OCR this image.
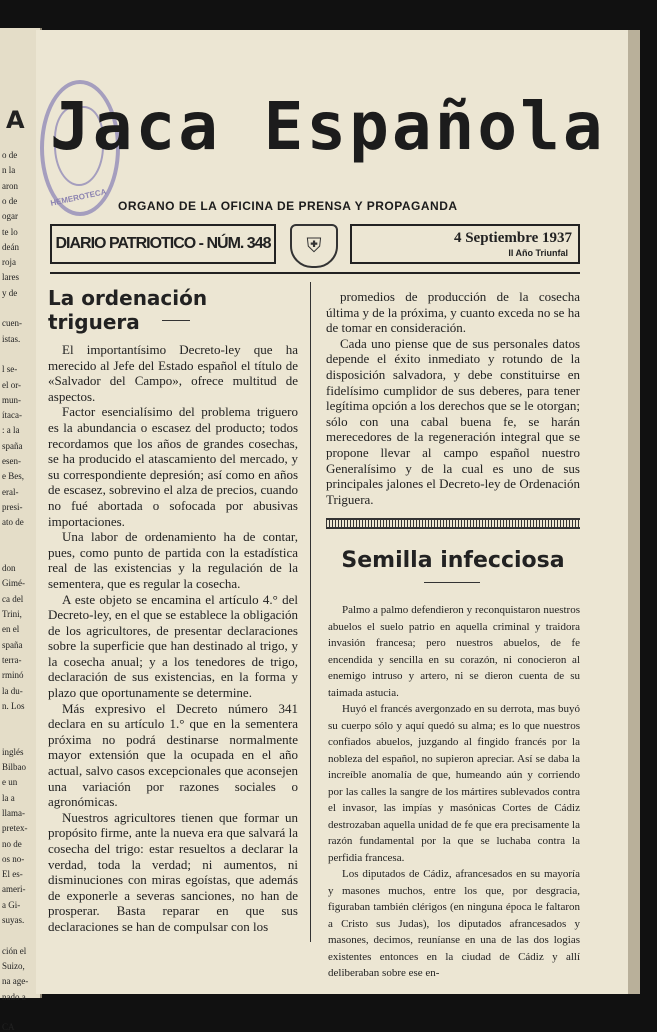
A
o de
n la
aron
o de
ogar
te lo
deán
roja
lares
y de
cuen-
istas.
l se-
el or-
mun-
ítaca-
: a la
spaña
esen-
e Bes,
eral-
presi-
ato de
don
Gimé-
ca del
Trini,
en el
spaña
terra-
rminó
la du-
n. Los
inglés
Bilbao
e un
la a
llama-
pretex-
no de
os no-
El es-
ameri-
a Gi-
suyas.
ción el
Suizo,
na age-
nado a
CA
HEMEROTECA
Jaca Española
ORGANO DE LA OFICINA DE PRENSA Y PROPAGANDA
DIARIO PATRIOTICO - NÚM. 348	⛨	4 Septiembre 1937
II Año Triunfal
La ordenación triguera

El importantísimo Decreto-ley que ha merecido al Jefe del Estado español el título de «Salvador del Campo», ofrece multitud de aspectos.

Factor esencialísimo del problema triguero es la abundancia o escasez del producto; todos recordamos que los años de grandes cosechas, se ha producido el atascamiento del mercado, y su correspondiente depresión; así como en años de escasez, sobrevino el alza de precios, cuando no fué abortada o sofocada por abusivas importaciones.

Una labor de ordenamiento ha de contar, pues, como punto de partida con la estadística real de las existencias y la regulación de la sementera, que es regular la cosecha.

A este objeto se encamina el artículo 4.° del Decreto-ley, en el que se establece la obligación de los agricultores, de presentar declaraciones sobre la superficie que han destinado al trigo, y la cosecha anual; y a los tenedores de trigo, declaración de sus existencias, en la forma y plazo que oportunamente se determine.

Más expresivo el Decreto número 341 declara en su artículo 1.° que en la sementera próxima no podrá destinarse normalmente mayor extensión que la ocupada en el año actual, salvo casos excepcionales que aconsejen una variación por razones sociales o agronómicas.

Nuestros agricultores tienen que formar un propósito firme, ante la nueva era que salvará la cosecha del trigo: estar resueltos a declarar la verdad, toda la verdad; ni aumentos, ni disminuciones con miras egoístas, que además de exponerle a severas sanciones, no han de prosperar. Basta reparar en que sus declaraciones se han de compulsar con los

promedios de producción de la cosecha última y de la próxima, y cuanto exceda no se ha de tomar en consideración.

Cada uno piense que de sus personales datos depende el éxito inmediato y rotundo de la disposición salvadora, y debe constituirse en fidelísimo cumplidor de sus deberes, para tener legítima opción a los derechos que se le otorgan; sólo con una cabal buena fe, se harán merecedores de la regeneración integral que se propone llevar al campo español nuestro Generalísimo y de la cual es uno de sus principales jalones el Decreto-ley de Ordenación Triguera.

Semilla infecciosa

Palmo a palmo defendieron y reconquistaron nuestros abuelos el suelo patrio en aquella criminal y traidora invasión francesa; pero nuestros abuelos, de fe encendida y sencilla en su corazón, ni conocieron al enemigo intruso y artero, ni se dieron cuenta de su taimada astucia.

Huyó el francés avergonzado en su derrota, mas buyó su cuerpo sólo y aquí quedó su alma; es lo que nuestros confiados abuelos, juzgando al fingido francés por la nobleza del español, no supieron apreciar. Así se daba la increíble anomalía de que, humeando aún y corriendo por las calles la sangre de los mártires sublevados contra el invasor, las impías y masónicas Cortes de Cádiz destrozaban aquella unidad de fe que era precisamente la razón fundamental por la que se luchaba contra la perfidia francesa.

Los diputados de Cádiz, afrancesados en su mayoría y masones muchos, entre los que, por desgracia, figuraban también clérigos (en ninguna época le faltaron a Cristo sus Judas), los diputados afrancesados y masones, decimos, reuníanse en una de las dos logias existentes entonces en la ciudad de Cádiz y allí deliberaban sobre ese en-
